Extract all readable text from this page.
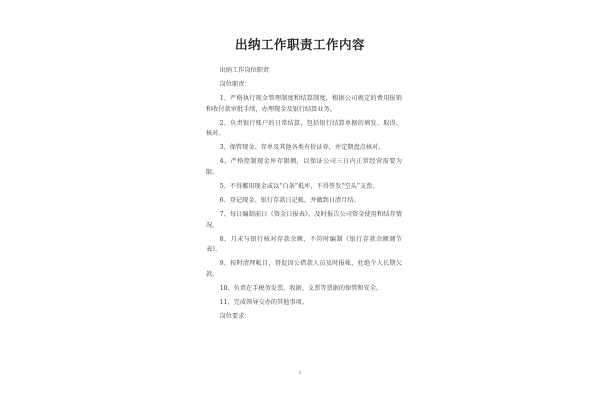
出纳工作职责工作内容

出纳工作岗位职责

岗位职责：

1、严格执行现金管理制度和结算制度，根据公司规定的费用报销和收付款审批手续，办理现金及银行结算业务。

2、负责银行账户的日常结算，包括银行结算单据的填发、取得、核对。

3、保管现金、存单及其他各类有价证券，并定期盘点核对。

4、严格控制现金库存限额，以保证公司三日内正常经营需要为限。

5、不得挪用现金或以“白条”抵库，不得签发“空头”支票。

6、登记现金、银行存款日记帐，并做到日清月结。

7、每日编制前日《资金日报表》，及时报告公司资金使用和结存情况。

8、月末与银行核对存款余额，不符时编制《银行存款余额调节表》。

9、按时清理帐目，督促因公借款人员及时报帐，杜绝个人长期欠款。

10、负责在手税务发票、收据、支票等票据的保管和安全。

11、完成领导交办的其他事项。

岗位要求：

1
